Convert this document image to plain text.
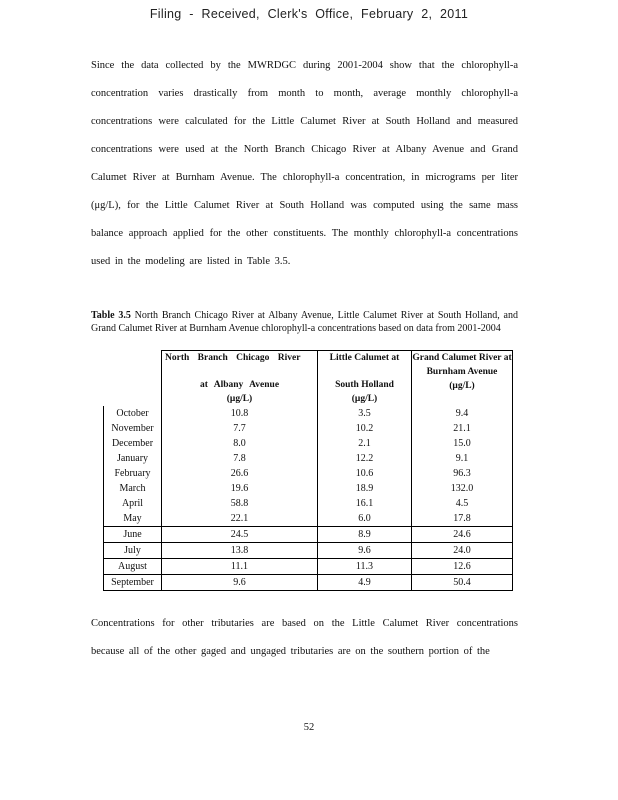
Filing - Received, Clerk's Office, February 2, 2011
Since the data collected by the MWRDGC during 2001-2004 show that the chlorophyll-a concentration varies drastically from month to month, average monthly chlorophyll-a concentrations were calculated for the Little Calumet River at South Holland and measured concentrations were used at the North Branch Chicago River at Albany Avenue and Grand Calumet River at Burnham Avenue. The chlorophyll-a concentration, in micrograms per liter (μg/L), for the Little Calumet River at South Holland was computed using the same mass balance approach applied for the other constituents. The monthly chlorophyll-a concentrations used in the modeling are listed in Table 3.5.
Table 3.5 North Branch Chicago River at Albany Avenue, Little Calumet River at South Holland, and Grand Calumet River at Burnham Avenue chlorophyll-a concentrations based on data from 2001-2004

	North Branch Chicago River
at Albany Avenue
(μg/L)	Little Calumet at
South Holland
(μg/L)	Grand Calumet River at
Burnham Avenue
(μg/L)

October	10.8	3.5	9.4
November	7.7	10.2	21.1
December	8.0	2.1	15.0
January	7.8	12.2	9.1
February	26.6	10.6	96.3
March	19.6	18.9	132.0
April	58.8	16.1	4.5
May	22.1	6.0	17.8
June	24.5	8.9	24.6
July	13.8	9.6	24.0
August	11.1	11.3	12.6
September	9.6	4.9	50.4
Concentrations for other tributaries are based on the Little Calumet River concentrations because all of the other gaged and ungaged tributaries are on the southern portion of the
52
